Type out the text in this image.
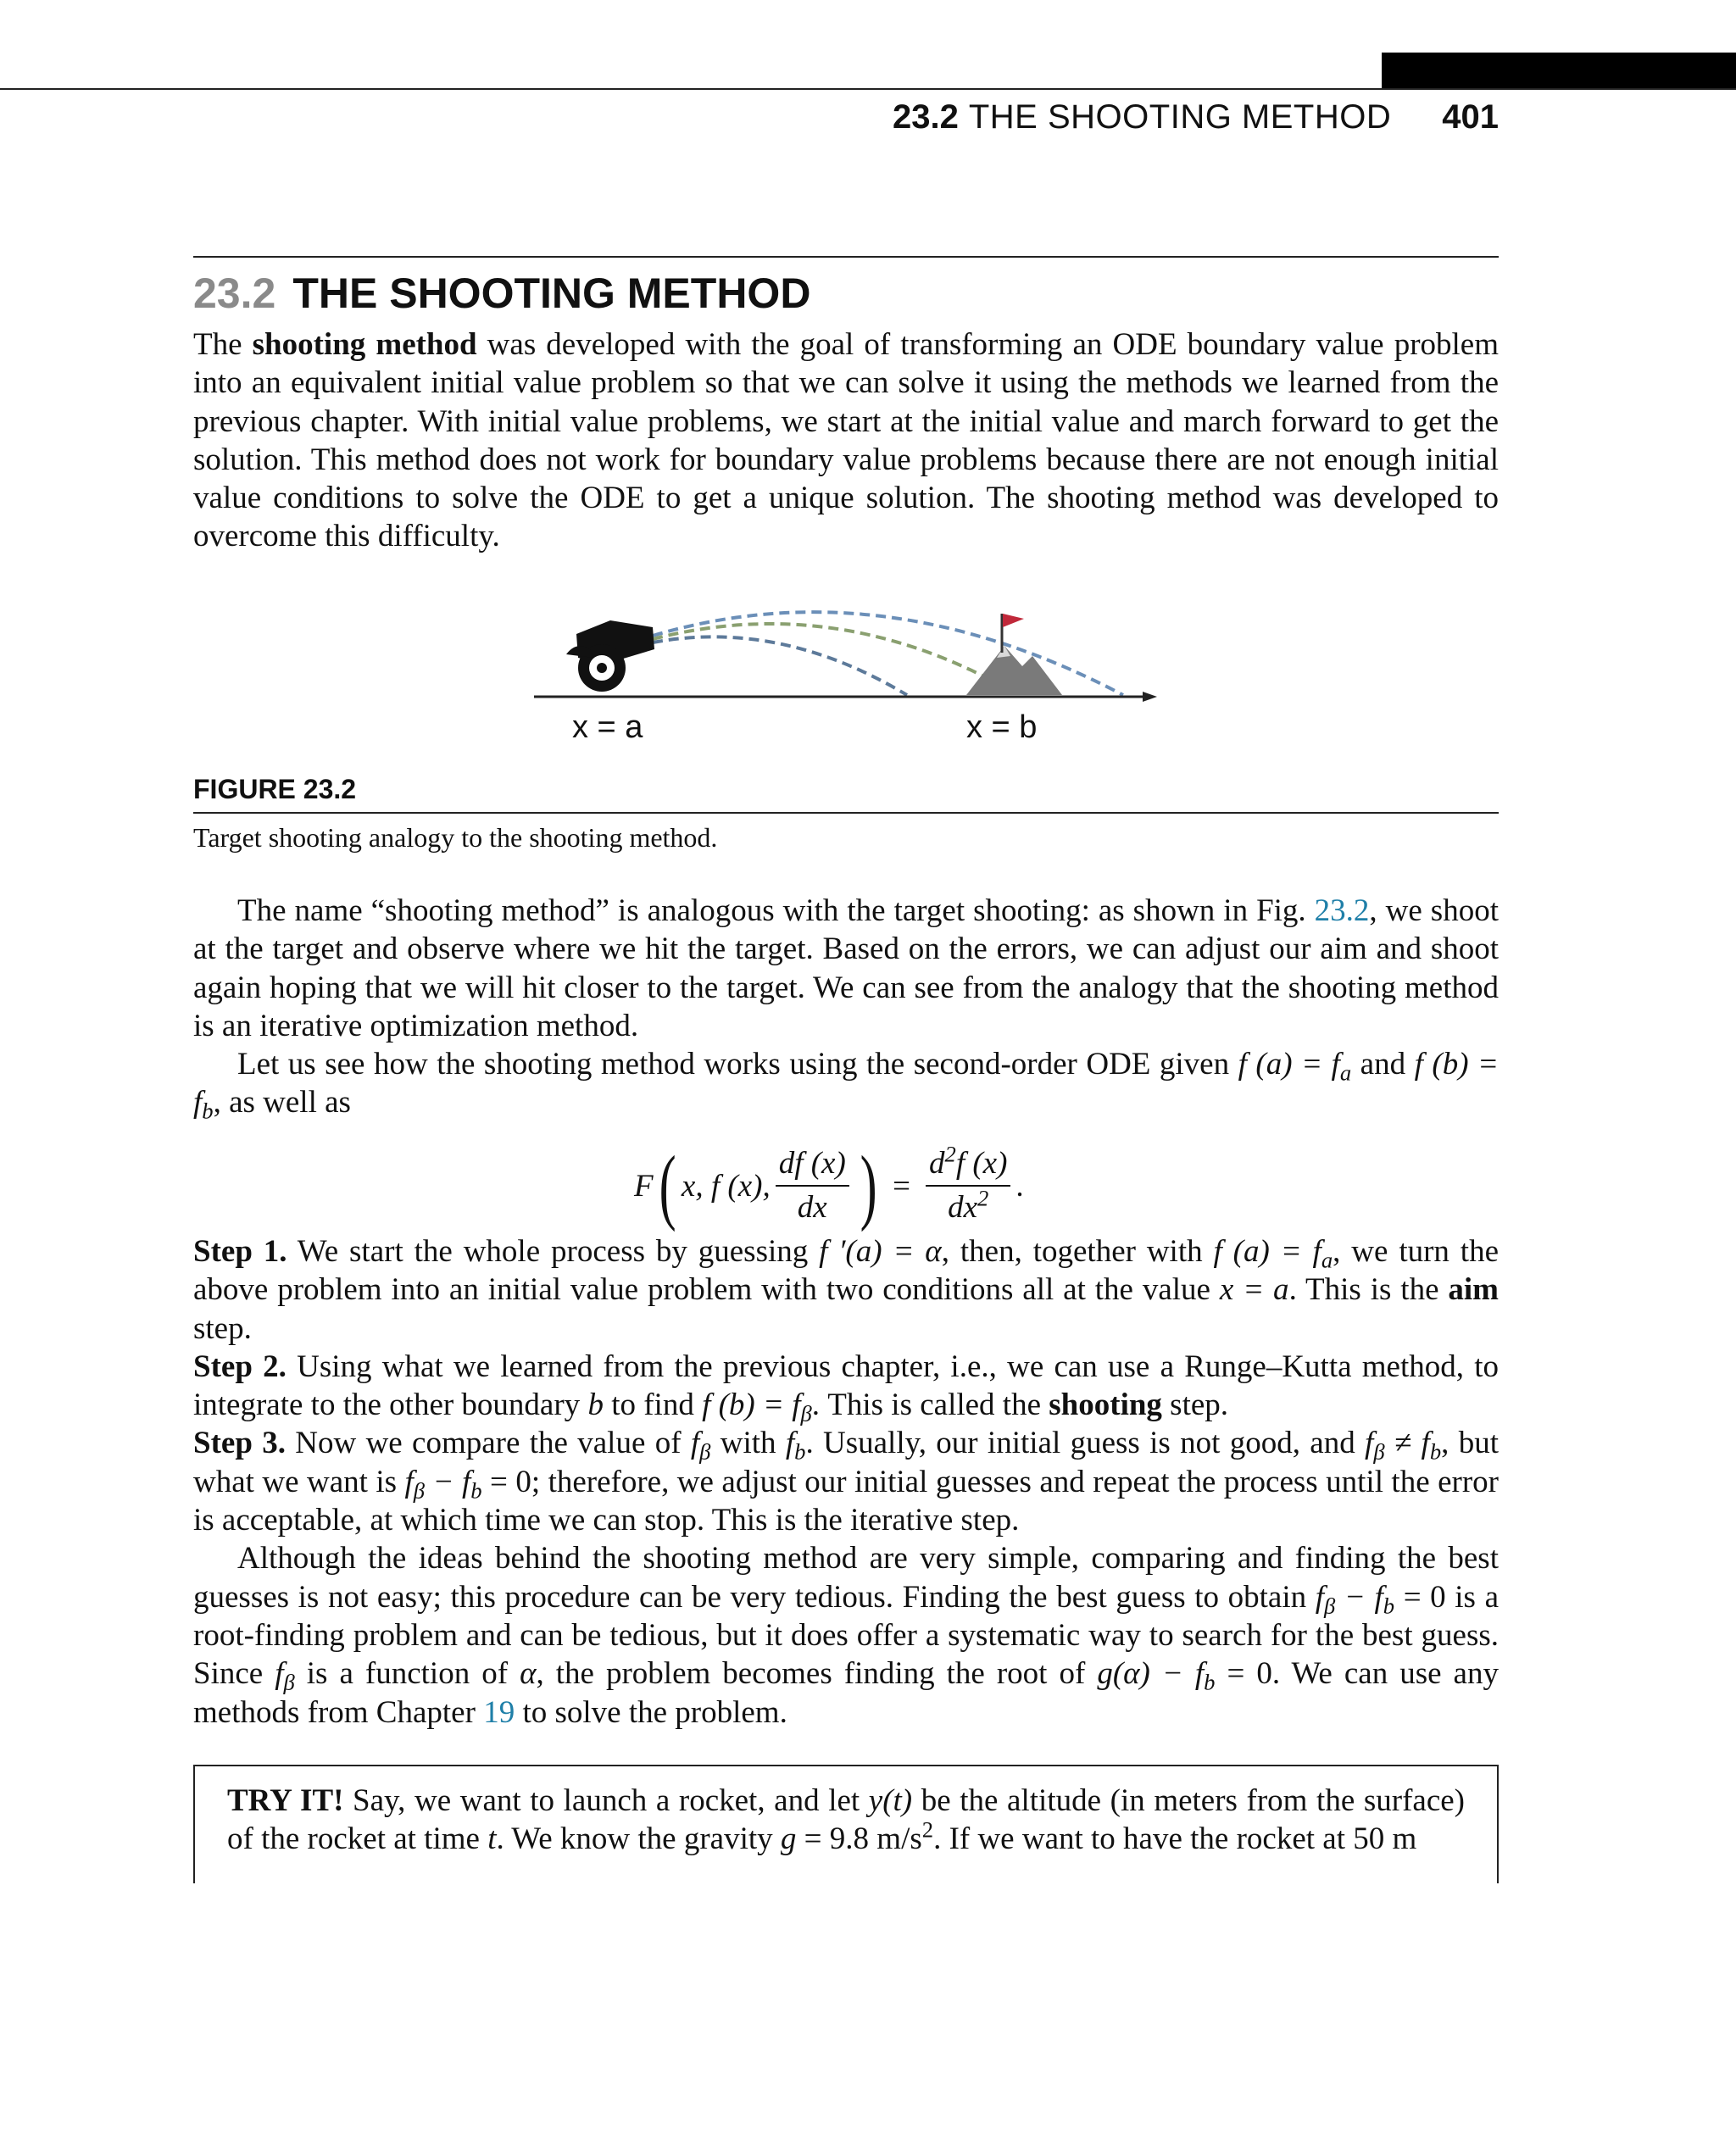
23.2 THE SHOOTING METHOD 401
23.2 THE SHOOTING METHOD

The shooting method was developed with the goal of transforming an ODE boundary value problem into an equivalent initial value problem so that we can solve it using the methods we learned from the previous chapter. With initial value problems, we start at the initial value and march forward to get the solution. This method does not work for boundary value problems because there are not enough initial value conditions to solve the ODE to get a unique solution. The shooting method was developed to overcome this difficulty.

x = a	x = b
FIGURE 23.2
Target shooting analogy to the shooting method.

The name “shooting method” is analogous with the target shooting: as shown in Fig. 23.2, we shoot at the target and observe where we hit the target. Based on the errors, we can adjust our aim and shoot again hoping that we will hit closer to the target. We can see from the analogy that the shooting method is an iterative optimization method.

Let us see how the shooting method works using the second-order ODE given f $(a) = f_a$ and f $(b) = f_b$, as well as

F ( x, f (x), $\frac{df (x)}{dx}$ ) = $\frac{d^2f (x)}{dx^2}$ .

Step 1. We start the whole process by guessing f ′(a) = α, then, together with f $(a) = f_a$, we turn the above problem into an initial value problem with two conditions all at the value x = a. This is the aim step.

Step 2. Using what we learned from the previous chapter, i.e., we can use a Runge–Kutta method, to integrate to the other boundary b to find f $(b) = f_\beta$. This is called the shooting step.

Step 3. Now we compare the value of $f_\beta$ with $f_b$. Usually, our initial guess is not good, and $f_\beta \ne f_b$, but what we want is $f_\beta - f_b = 0$; therefore, we adjust our initial guesses and repeat the process until the error is acceptable, at which time we can stop. This is the iterative step.

Although the ideas behind the shooting method are very simple, comparing and finding the best guesses is not easy; this procedure can be very tedious. Finding the best guess to obtain $f_\beta - f_b = 0$ is a root-finding problem and can be tedious, but it does offer a systematic way to search for the best guess. Since $f_\beta$ is a function of α, the problem becomes finding the root of $g(\alpha) - f_b = 0$. We can use any methods from Chapter 19 to solve the problem.

TRY IT! Say, we want to launch a rocket, and let y(t) be the altitude (in meters from the surface) of the rocket at time t. We know the gravity g = 9.8 $m/s^2$. If we want to have the rocket at 50 m
